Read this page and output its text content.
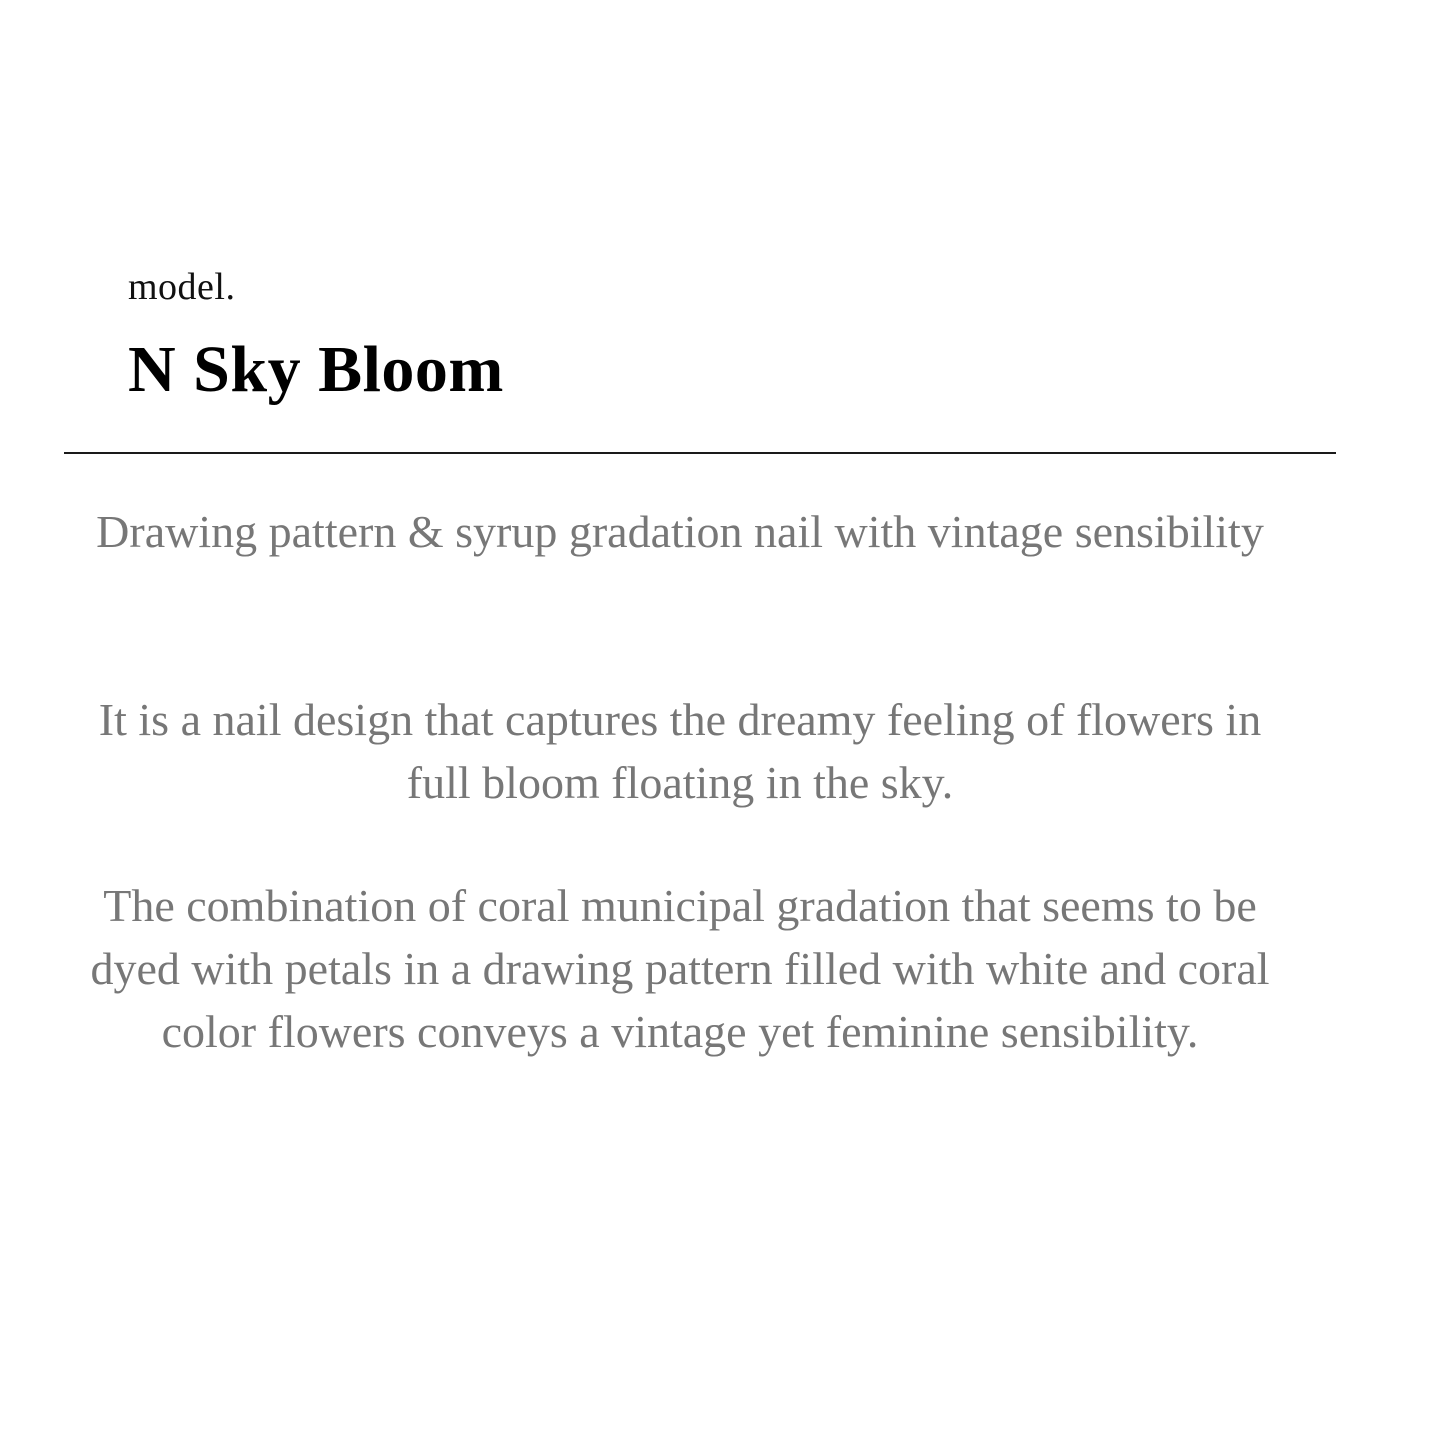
model.
N Sky Bloom

Drawing pattern & syrup gradation nail with vintage sensibility

It is a nail design that captures the dreamy feeling of flowers in full bloom floating in the sky.

The combination of coral municipal gradation that seems to be dyed with petals in a drawing pattern filled with white and coral color flowers conveys a vintage yet feminine sensibility.
